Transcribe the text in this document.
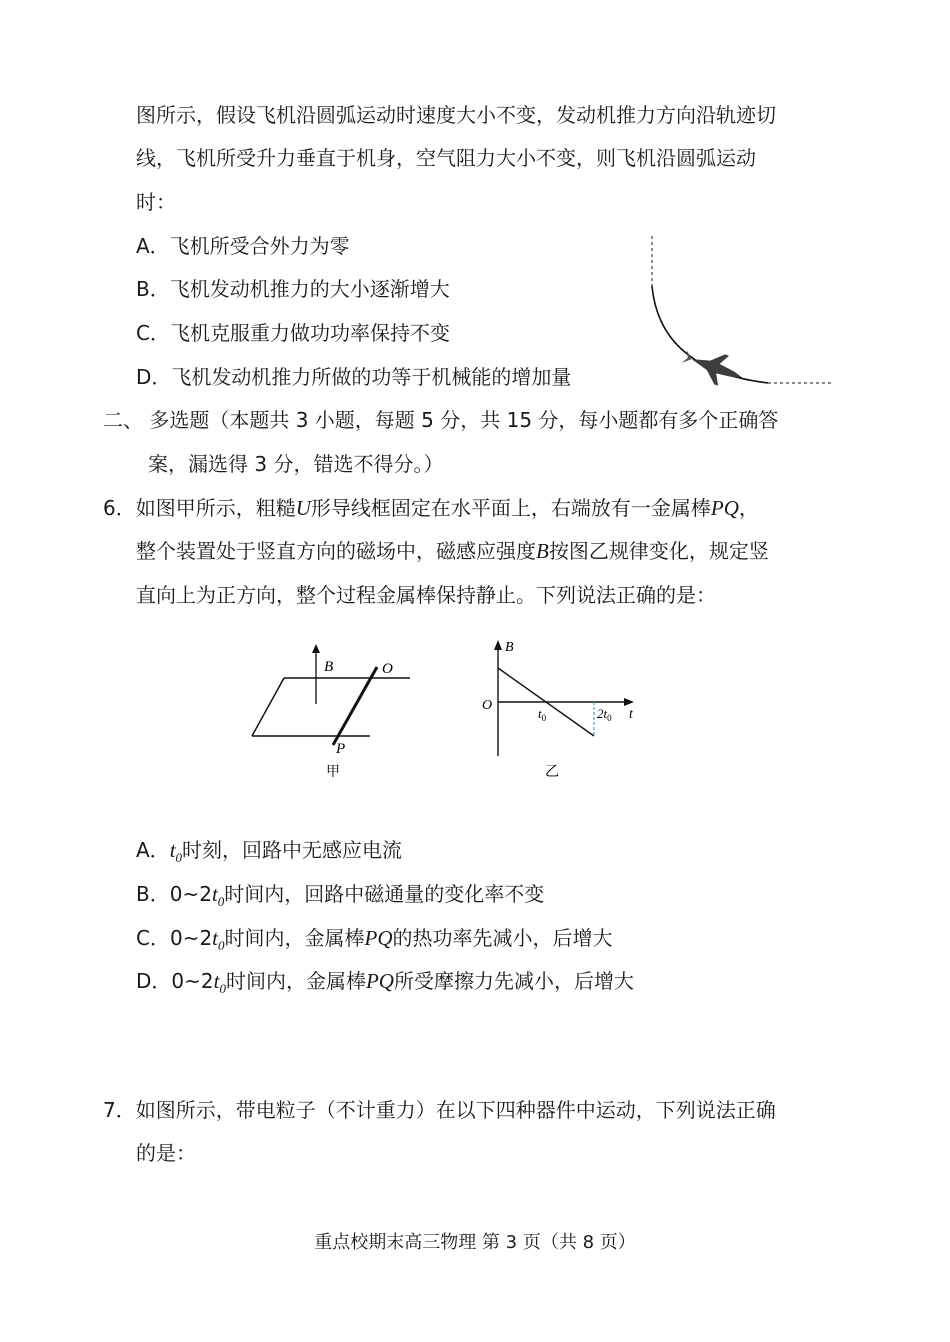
图所示，假设飞机沿圆弧运动时速度大小不变，发动机推力方向沿轨迹切
线，飞机所受升力垂直于机身，空气阻力大小不变，则飞机沿圆弧运动
时：
A．飞机所受合外力为零
B．飞机发动机推力的大小逐渐增大
C．飞机克服重力做功功率保持不变
D．飞机发动机推力所做的功等于机械能的增加量
二、 多选题（本题共 3 小题，每题 5 分，共 15 分，每小题都有多个正确答
案，漏选得 3 分，错选不得分。）
6．如图甲所示，粗糙U形导线框固定在水平面上，右端放有一金属棒PQ，
整个装置处于竖直方向的磁场中，磁感应强度B按图乙规律变化，规定竖
直向上为正方向，整个过程金属棒保持静止。下列说法正确的是：
B	O
P
甲
B
O
$t_0$	$2t_0$ t
乙
A．$t_0$时刻，回路中无感应电流
B．$0\sim 2t_0$时间内，回路中磁通量的变化率不变
C．$0\sim 2t_0$时间内，金属棒PQ的热功率先减小，后增大
D．$0\sim 2t_0$时间内，金属棒PQ所受摩擦力先减小，后增大
7．如图所示，带电粒子（不计重力）在以下四种器件中运动，下列说法正确
的是：
重点校期末高三物理 第 3 页（共 8 页）
